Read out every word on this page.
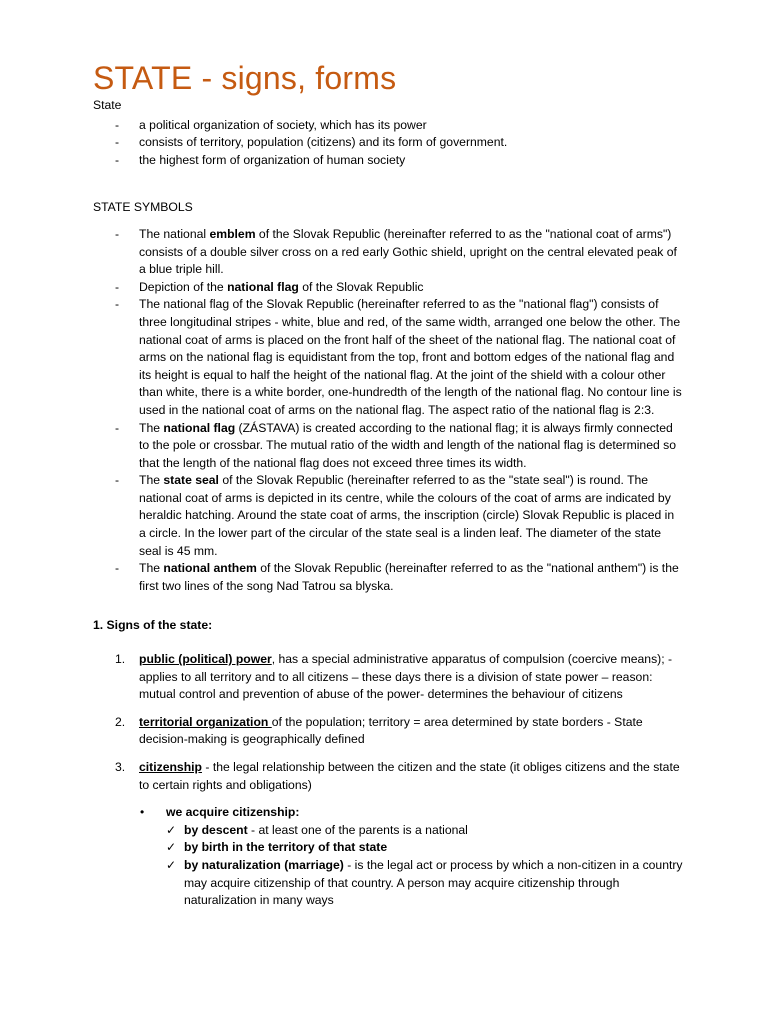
STATE - signs, forms

State

- a political organization of society, which has its power
- consists of territory, population (citizens) and its form of government.
- the highest form of organization of human society

STATE SYMBOLS

- The national emblem of the Slovak Republic (hereinafter referred to as the "national coat of arms") consists of a double silver cross on a red early Gothic shield, upright on the central elevated peak of a blue triple hill.
- Depiction of the national flag of the Slovak Republic
- The national flag of the Slovak Republic (hereinafter referred to as the "national flag") consists of three longitudinal stripes - white, blue and red, of the same width, arranged one below the other. The national coat of arms is placed on the front half of the sheet of the national flag. The national coat of arms on the national flag is equidistant from the top, front and bottom edges of the national flag and its height is equal to half the height of the national flag. At the joint of the shield with a colour other than white, there is a white border, one-hundredth of the length of the national flag. No contour line is used in the national coat of arms on the national flag. The aspect ratio of the national flag is 2:3.
- The national flag (ZÁSTAVA) is created according to the national flag; it is always firmly connected to the pole or crossbar. The mutual ratio of the width and length of the national flag is determined so that the length of the national flag does not exceed three times its width.
- The state seal of the Slovak Republic (hereinafter referred to as the "state seal") is round. The national coat of arms is depicted in its centre, while the colours of the coat of arms are indicated by heraldic hatching. Around the state coat of arms, the inscription (circle) Slovak Republic is placed in a circle. In the lower part of the circular of the state seal is a linden leaf. The diameter of the state seal is 45 mm.
- The national anthem of the Slovak Republic (hereinafter referred to as the "national anthem") is the first two lines of the song Nad Tatrou sa blyska.

1. Signs of the state:

1. public (political) power, has a special administrative apparatus of compulsion (coercive means); - applies to all territory and to all citizens – these days there is a division of state power – reason: mutual control and prevention of abuse of the power- determines the behaviour of citizens
2. territorial organization of the population; territory = area determined by state borders - State decision-making is geographically defined
3. citizenship - the legal relationship between the citizen and the state (it obliges citizens and the state to certain rights and obligations)
• we acquire citizenship:
✓ by descent - at least one of the parents is a national
✓ by birth in the territory of that state
✓ by naturalization (marriage) - is the legal act or process by which a non-citizen in a country may acquire citizenship of that country. A person may acquire citizenship through naturalization in many ways
